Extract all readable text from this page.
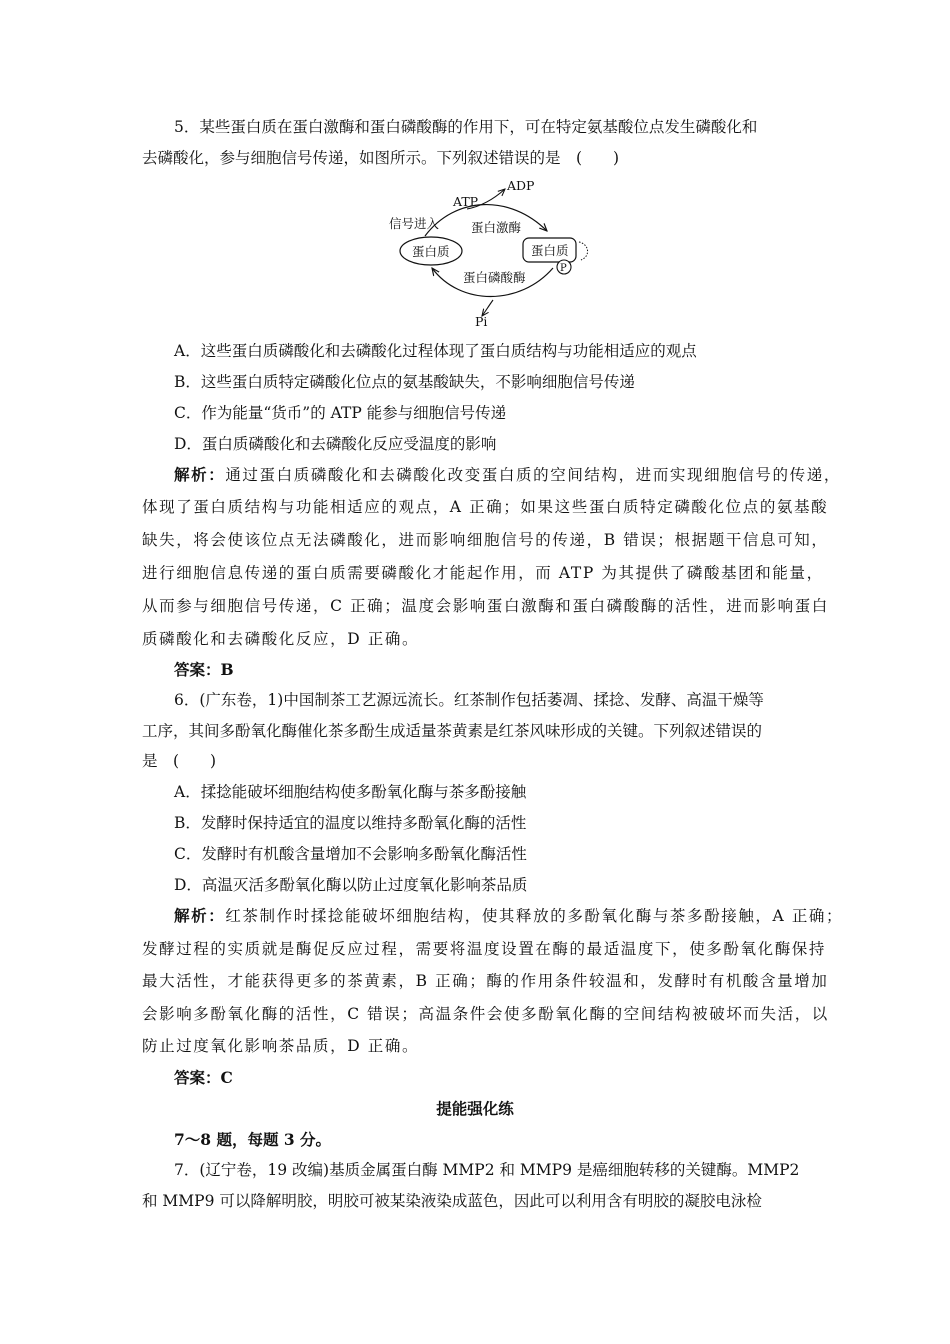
5．某些蛋白质在蛋白激酶和蛋白磷酸酶的作用下，可在特定氨基酸位点发生磷酸化和
去磷酸化，参与细胞信号传递，如图所示。下列叙述错误的是　(　　)
ADP
ATP
信号进入	蛋白激酶
蛋白质	蛋白质
P
蛋白磷酸酶
Pi
A．这些蛋白质磷酸化和去磷酸化过程体现了蛋白质结构与功能相适应的观点
B．这些蛋白质特定磷酸化位点的氨基酸缺失，不影响细胞信号传递
C．作为能量“货币”的 ATP 能参与细胞信号传递
D．蛋白质磷酸化和去磷酸化反应受温度的影响
解析：通过蛋白质磷酸化和去磷酸化改变蛋白质的空间结构，进而实现细胞信号的传递，
体现了蛋白质结构与功能相适应的观点，A 正确；如果这些蛋白质特定磷酸化位点的氨基酸
缺失，将会使该位点无法磷酸化，进而影响细胞信号的传递，B 错误；根据题干信息可知，
进行细胞信息传递的蛋白质需要磷酸化才能起作用，而 ATP 为其提供了磷酸基团和能量，
从而参与细胞信号传递，C 正确；温度会影响蛋白激酶和蛋白磷酸酶的活性，进而影响蛋白
质磷酸化和去磷酸化反应，D 正确。
答案：B
6．(广东卷，1)中国制茶工艺源远流长。红茶制作包括萎凋、揉捻、发酵、高温干燥等
工序，其间多酚氧化酶催化茶多酚生成适量茶黄素是红茶风味形成的关键。下列叙述错误的
是　(　　)
A．揉捻能破坏细胞结构使多酚氧化酶与茶多酚接触
B．发酵时保持适宜的温度以维持多酚氧化酶的活性
C．发酵时有机酸含量增加不会影响多酚氧化酶活性
D．高温灭活多酚氧化酶以防止过度氧化影响茶品质
解析：红茶制作时揉捻能破坏细胞结构，使其释放的多酚氧化酶与茶多酚接触，A 正确；
发酵过程的实质就是酶促反应过程，需要将温度设置在酶的最适温度下，使多酚氧化酶保持
最大活性，才能获得更多的茶黄素，B 正确；酶的作用条件较温和，发酵时有机酸含量增加
会影响多酚氧化酶的活性，C 错误；高温条件会使多酚氧化酶的空间结构被破坏而失活，以
防止过度氧化影响茶品质，D 正确。
答案：C
提能强化练
7～8 题，每题 3 分。
7．(辽宁卷，19 改编)基质金属蛋白酶 MMP2 和 MMP9 是癌细胞转移的关键酶。MMP2
和 MMP9 可以降解明胶，明胶可被某染液染成蓝色，因此可以利用含有明胶的凝胶电泳检
